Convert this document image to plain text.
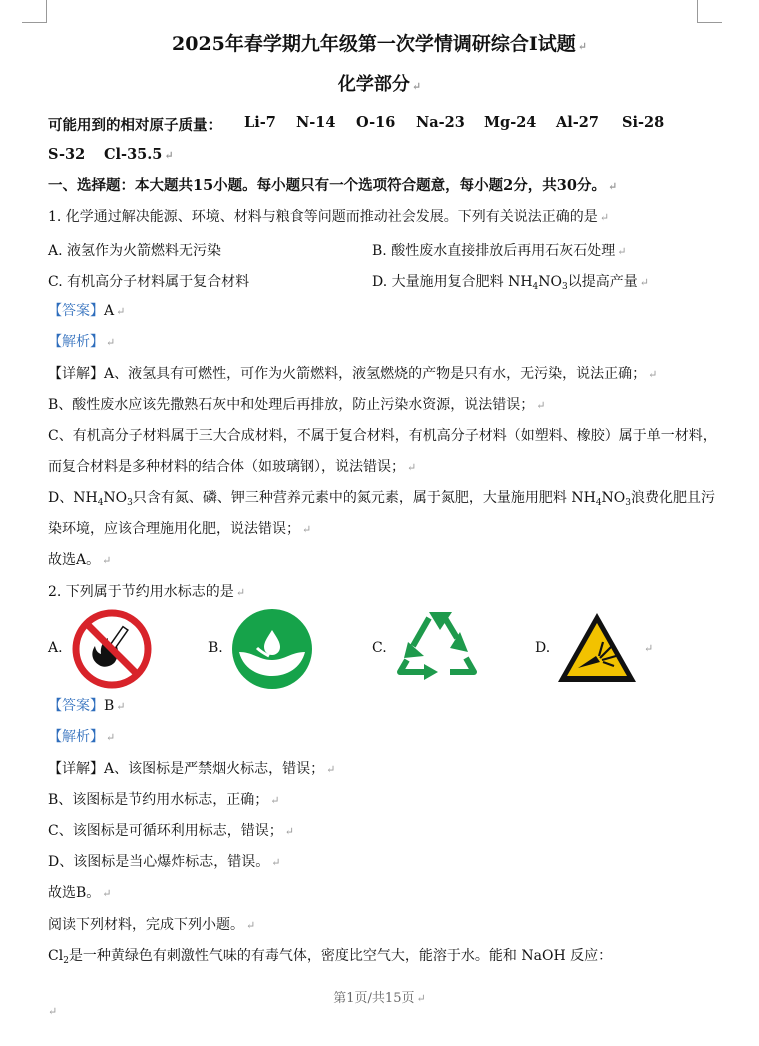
2025年春学期九年级第一次学情调研综合I试题 ↵
化学部分 ↵
可能用到的相对原子质量： Li-7 N-14 O-16 Na-23 Mg-24 Al-27 Si-28
S-32 Cl-35.5 ↵
一、选择题：本大题共15小题。每小题只有一个选项符合题意，每小题2分，共30分。 ↵
1. 化学通过解决能源、环境、材料与粮食等问题而推动社会发展。下列有关说法正确的是 ↵
A. 液氢作为火箭燃料无污染	B. 酸性废水直接排放后再用石灰石处理 ↵
C. 有机高分子材料属于复合材料	D. 大量施用复合肥料 $NH_4NO_3$以提高产量 ↵
【答案】A ↵
【解析】 ↵
【详解】A、液氢具有可燃性，可作为火箭燃料，液氢燃烧的产物是只有水，无污染，说法正确； ↵
B、酸性废水应该先撒熟石灰中和处理后再排放，防止污染水资源，说法错误； ↵
C、有机高分子材料属于三大合成材料，不属于复合材料，有机高分子材料（如塑料、橡胶）属于单一材料，
而复合材料是多种材料的结合体（如玻璃钢），说法错误； ↵
D、$NH_4NO_3$只含有氮、磷、钾三种营养元素中的氮元素，属于氮肥，大量施用肥料 $NH_4NO_3$浪费化肥且污
染环境，应该合理施用化肥，说法错误； ↵
故选A。 ↵
2. 下列属于节约用水标志的是 ↵
A.	B.	C.	D.	↵
【答案】B ↵
【解析】 ↵
【详解】A、该图标是严禁烟火标志，错误； ↵
B、该图标是节约用水标志，正确； ↵
C、该图标是可循环利用标志，错误； ↵
D、该图标是当心爆炸标志，错误。 ↵
故选B。 ↵
阅读下列材料，完成下列小题。 ↵
$Cl_2$是一种黄绿色有刺激性气味的有毒气体，密度比空气大，能溶于水。能和 NaOH 反应：
第1页/共15页 ↵
↵
